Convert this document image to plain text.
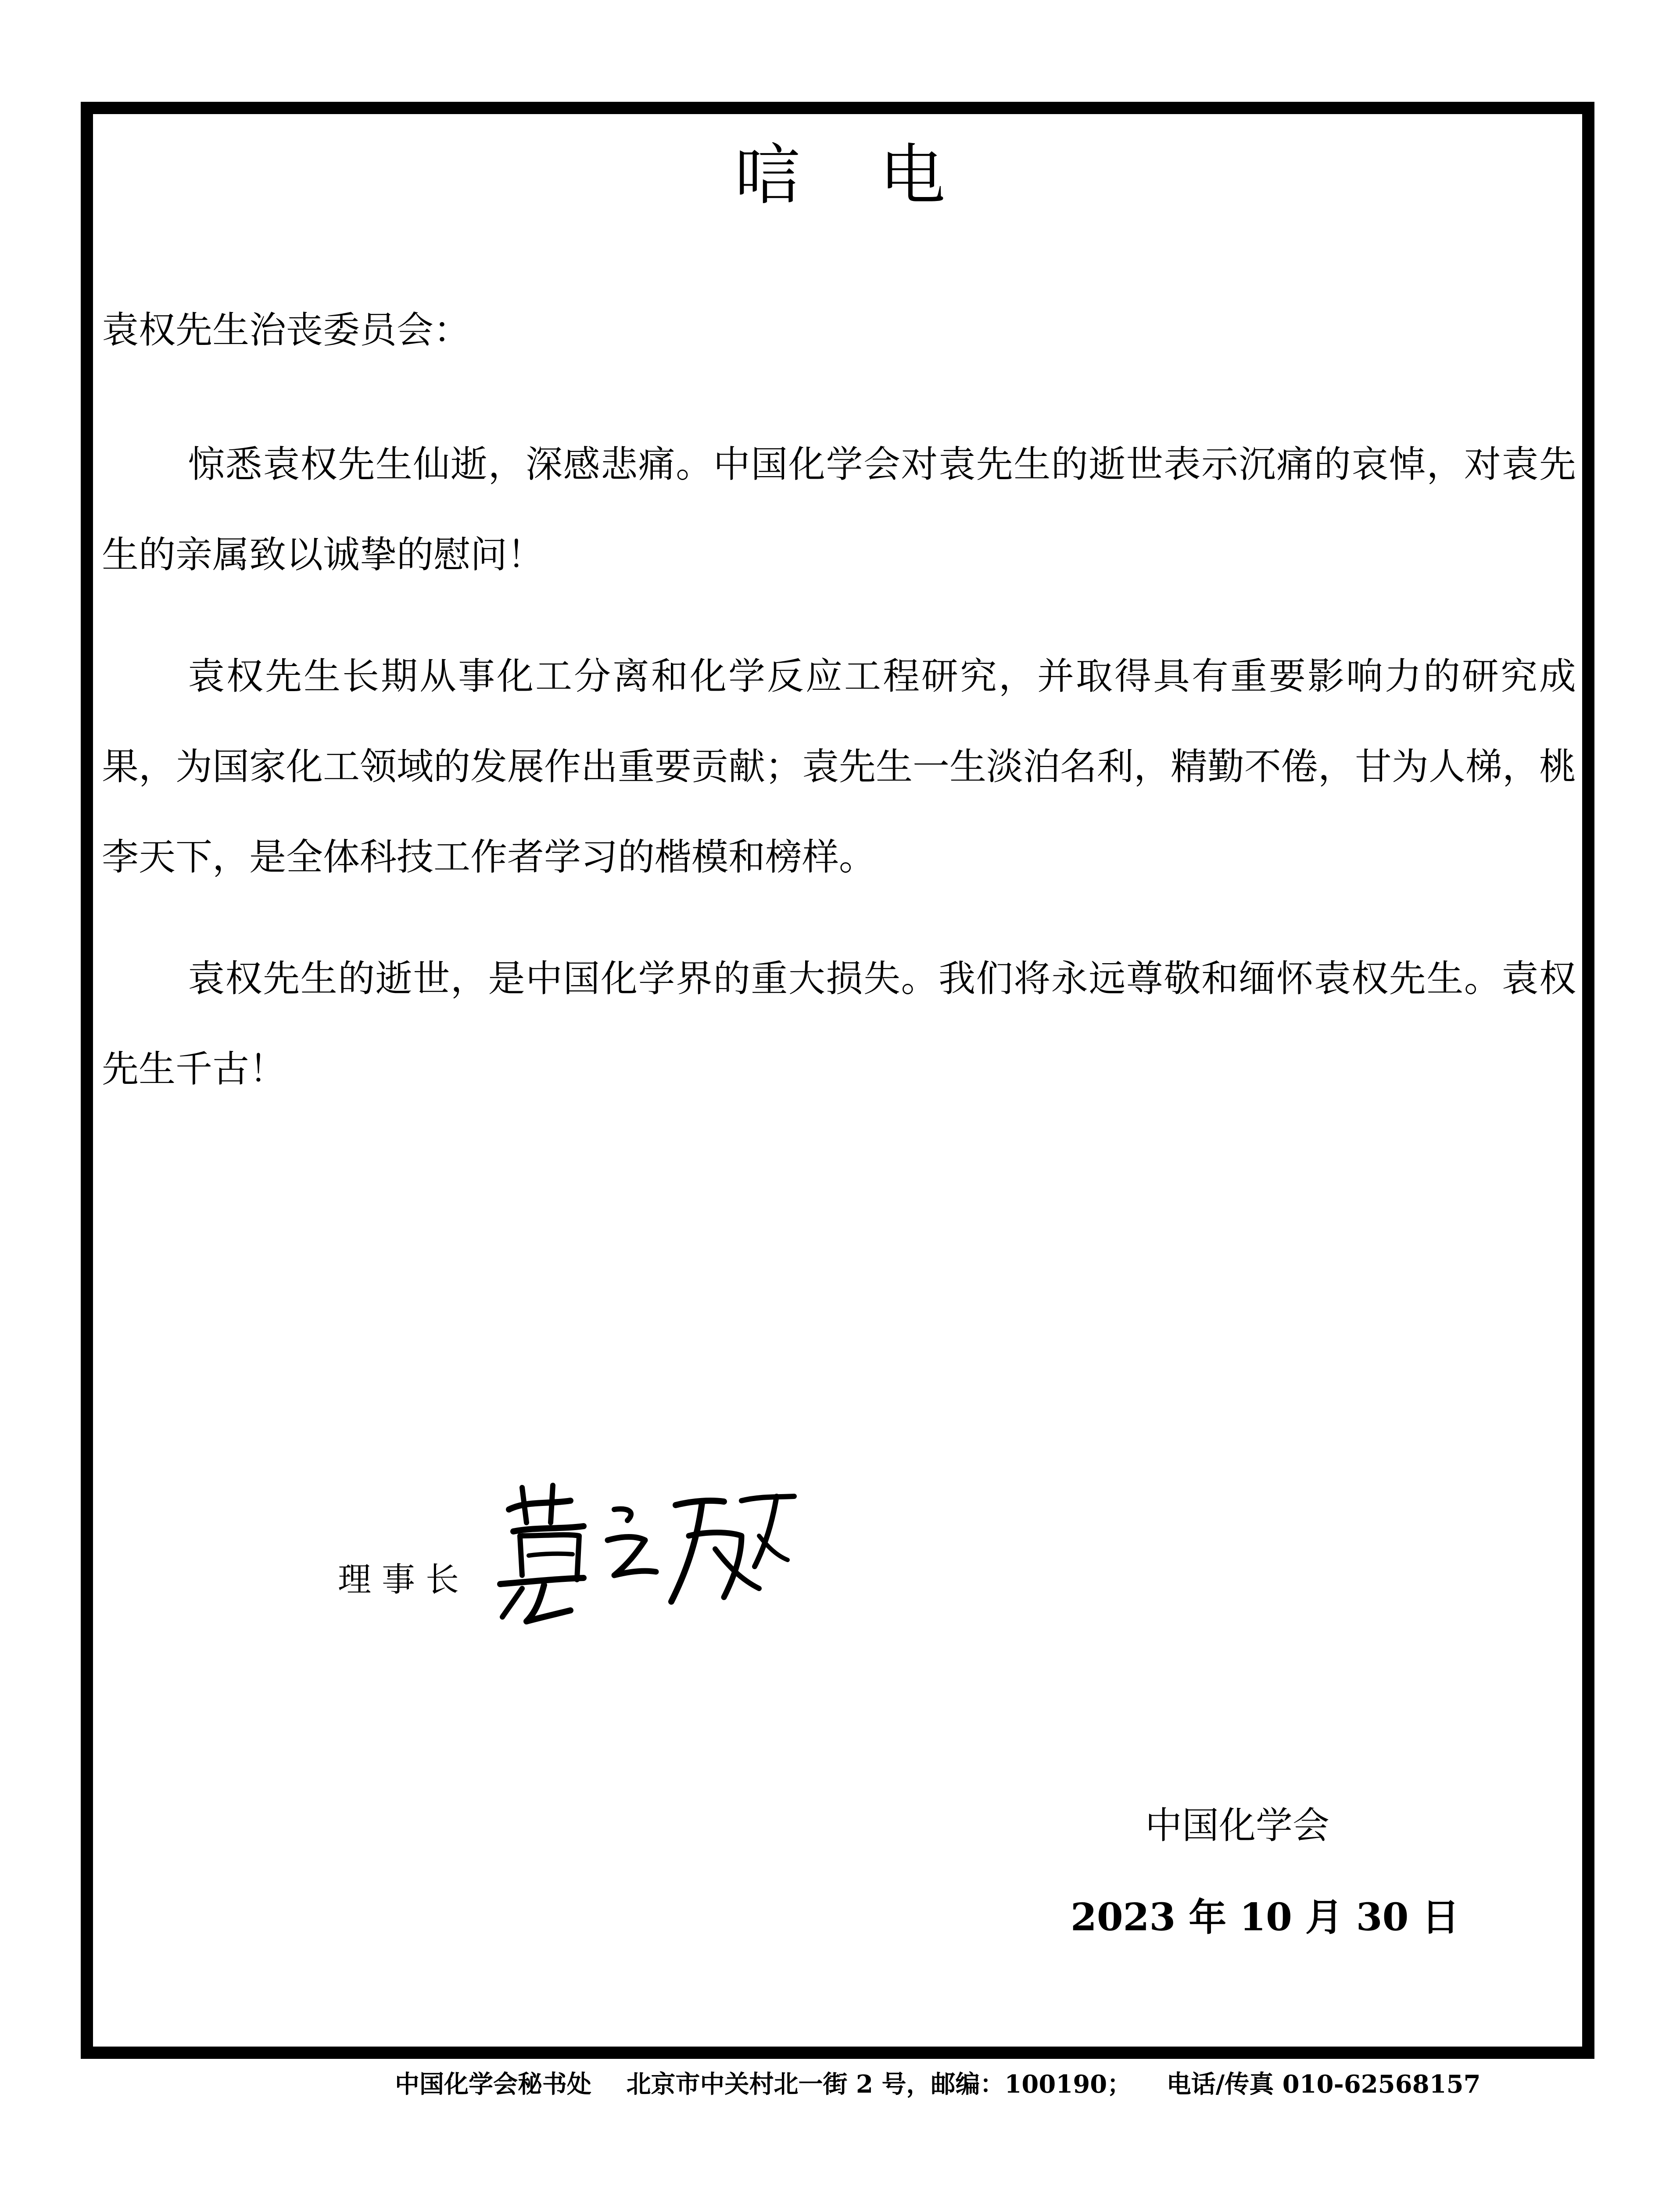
唁电

袁权先生治丧委员会：

惊悉袁权先生仙逝，深感悲痛。中国化学会对袁先生的逝世表示沉痛的哀悼，对袁先生的亲属致以诚挚的慰问！

袁权先生长期从事化工分离和化学反应工程研究，并取得具有重要影响力的研究成果，为国家化工领域的发展作出重要贡献；袁先生一生淡泊名利，精勤不倦，甘为人梯，桃李天下，是全体科技工作者学习的楷模和榜样。

袁权先生的逝世，是中国化学界的重大损失。我们将永远尊敬和缅怀袁权先生。袁权先生千古！

理事长

中国化学会

2023 年 10 月 30 日

中国化学会秘书处 北京市中关村北一街 2 号，邮编：100190； 电话/传真 010-62568157
